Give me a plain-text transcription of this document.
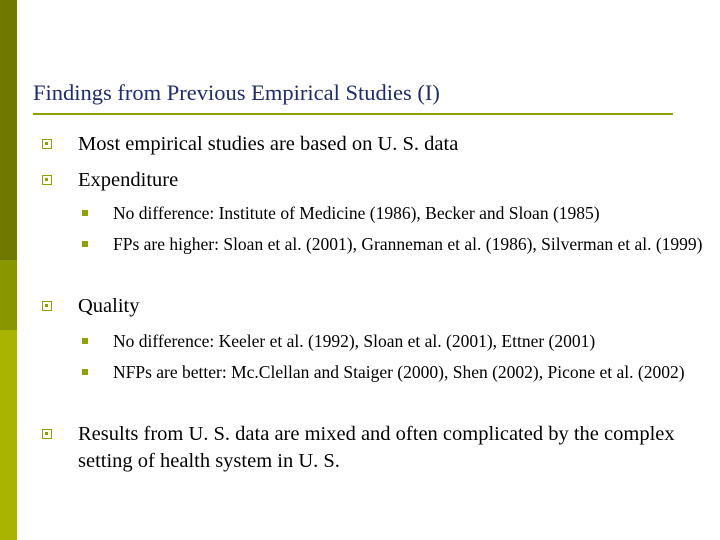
Findings from Previous Empirical Studies (I)
Most empirical studies are based on U. S. data
Expenditure
No difference: Institute of Medicine (1986), Becker and Sloan (1985)
FPs are higher: Sloan et al. (2001), Granneman et al. (1986), Silverman et al. (1999)
Quality
No difference: Keeler et al. (1992), Sloan et al. (2001), Ettner (2001)
NFPs are better: Mc.Clellan and Staiger (2000), Shen (2002), Picone et al. (2002)
Results from U. S. data are mixed and often complicated by the complex setting of health system in U. S.
